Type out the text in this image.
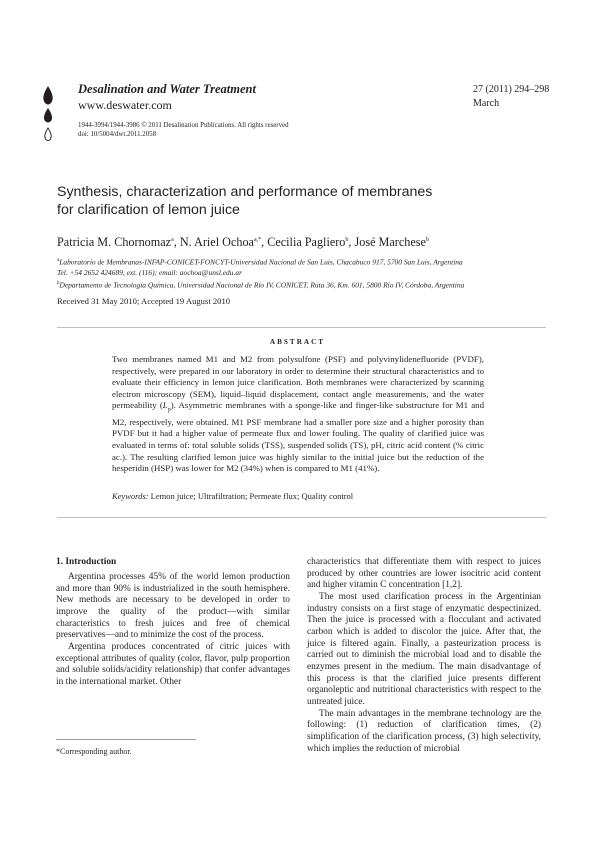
Desalination and Water Treatment
www.deswater.com
1944-3994/1944-3986 © 2011 Desalination Publications. All rights reserved
doi: 10/5004/dwt.2011.2058
27 (2011) 294–298
March
Synthesis, characterization and performance of membranes
for clarification of lemon juice
Patricia M. Chornomaz$^a$, N. Ariel Ochoa$^{a,*}$, Cecilia Pagliero$^b$, José Marchese$^b$
$^a$Laboratorio de Membranas-INFAP-CONICET-FONCYT-Universidad Nacional de San Luis, Chacabuco 917, 5700 San Luis, Argentina
Tel. +54 2652 424689, ext. (116); email: aochoa@unsl.edu.ar
$^b$Departamento de Tecnología Química, Universidad Nacional de Río IV, CONICET, Ruta 36, Km. 601, 5800 Río IV, Córdoba, Argentina
Received 31 May 2010; Accepted 19 August 2010
ABSTRACT
Two membranes named M1 and M2 from polysulfone (PSF) and polyvinylidenefluoride (PVDF), respectively, were prepared in our laboratory in order to determine their structural characteristics and to evaluate their efficiency in lemon juice clarification. Both membranes were characterized by scanning electron microscopy (SEM), liquid–liquid displacement, contact angle measurements, and the water permeability $(L_p)$. Asymmetric membranes with a sponge-like and finger-like substructure for M1 and M2, respectively, were obtained. M1 PSF membrane had a smaller pore size and a higher porosity than PVDF but it had a higher value of permeate flux and lower fouling. The quality of clarified juice was evaluated in terms of: total soluble solids (TSS), suspended solids (TS), pH, citric acid content (% citric ac.). The resulting clarified lemon juice was highly similar to the initial juice but the reduction of the hesperidin (HSP) was lower for M2 (34%) when is compared to M1 (41%).
Keywords: Lemon juice; Ultrafiltration; Permeate flux; Quality control
1. Introduction

Argentina processes 45% of the world lemon production and more than 90% is industrialized in the south hemisphere. New methods are necessary to be developed in order to improve the quality of the product—with similar characteristics to fresh juices and free of chemical preservatives—and to minimize the cost of the process.

Argentina produces concentrated of citric juices with exceptional attributes of quality (color, flavor, pulp proportion and soluble solids/acidity relationship) that confer advantages in the international market. Other

*Corresponding author.

characteristics that differentiate them with respect to juices produced by other countries are lower isocitric acid content and higher vitamin C concentration [1,2].

The most used clarification process in the Argentinian industry consists on a first stage of enzymatic despectinized. Then the juice is processed with a flocculant and activated carbon which is added to discolor the juice. After that, the juice is filtered again. Finally, a pasteurization process is carried out to diminish the microbial load and to disable the enzymes present in the medium. The main disadvantage of this process is that the clarified juice presents different organoleptic and nutritional characteristics with respect to the untreated juice.

The main advantages in the membrane technology are the following: (1) reduction of clarification times, (2) simplification of the clarification process, (3) high selectivity, which implies the reduction of microbial
